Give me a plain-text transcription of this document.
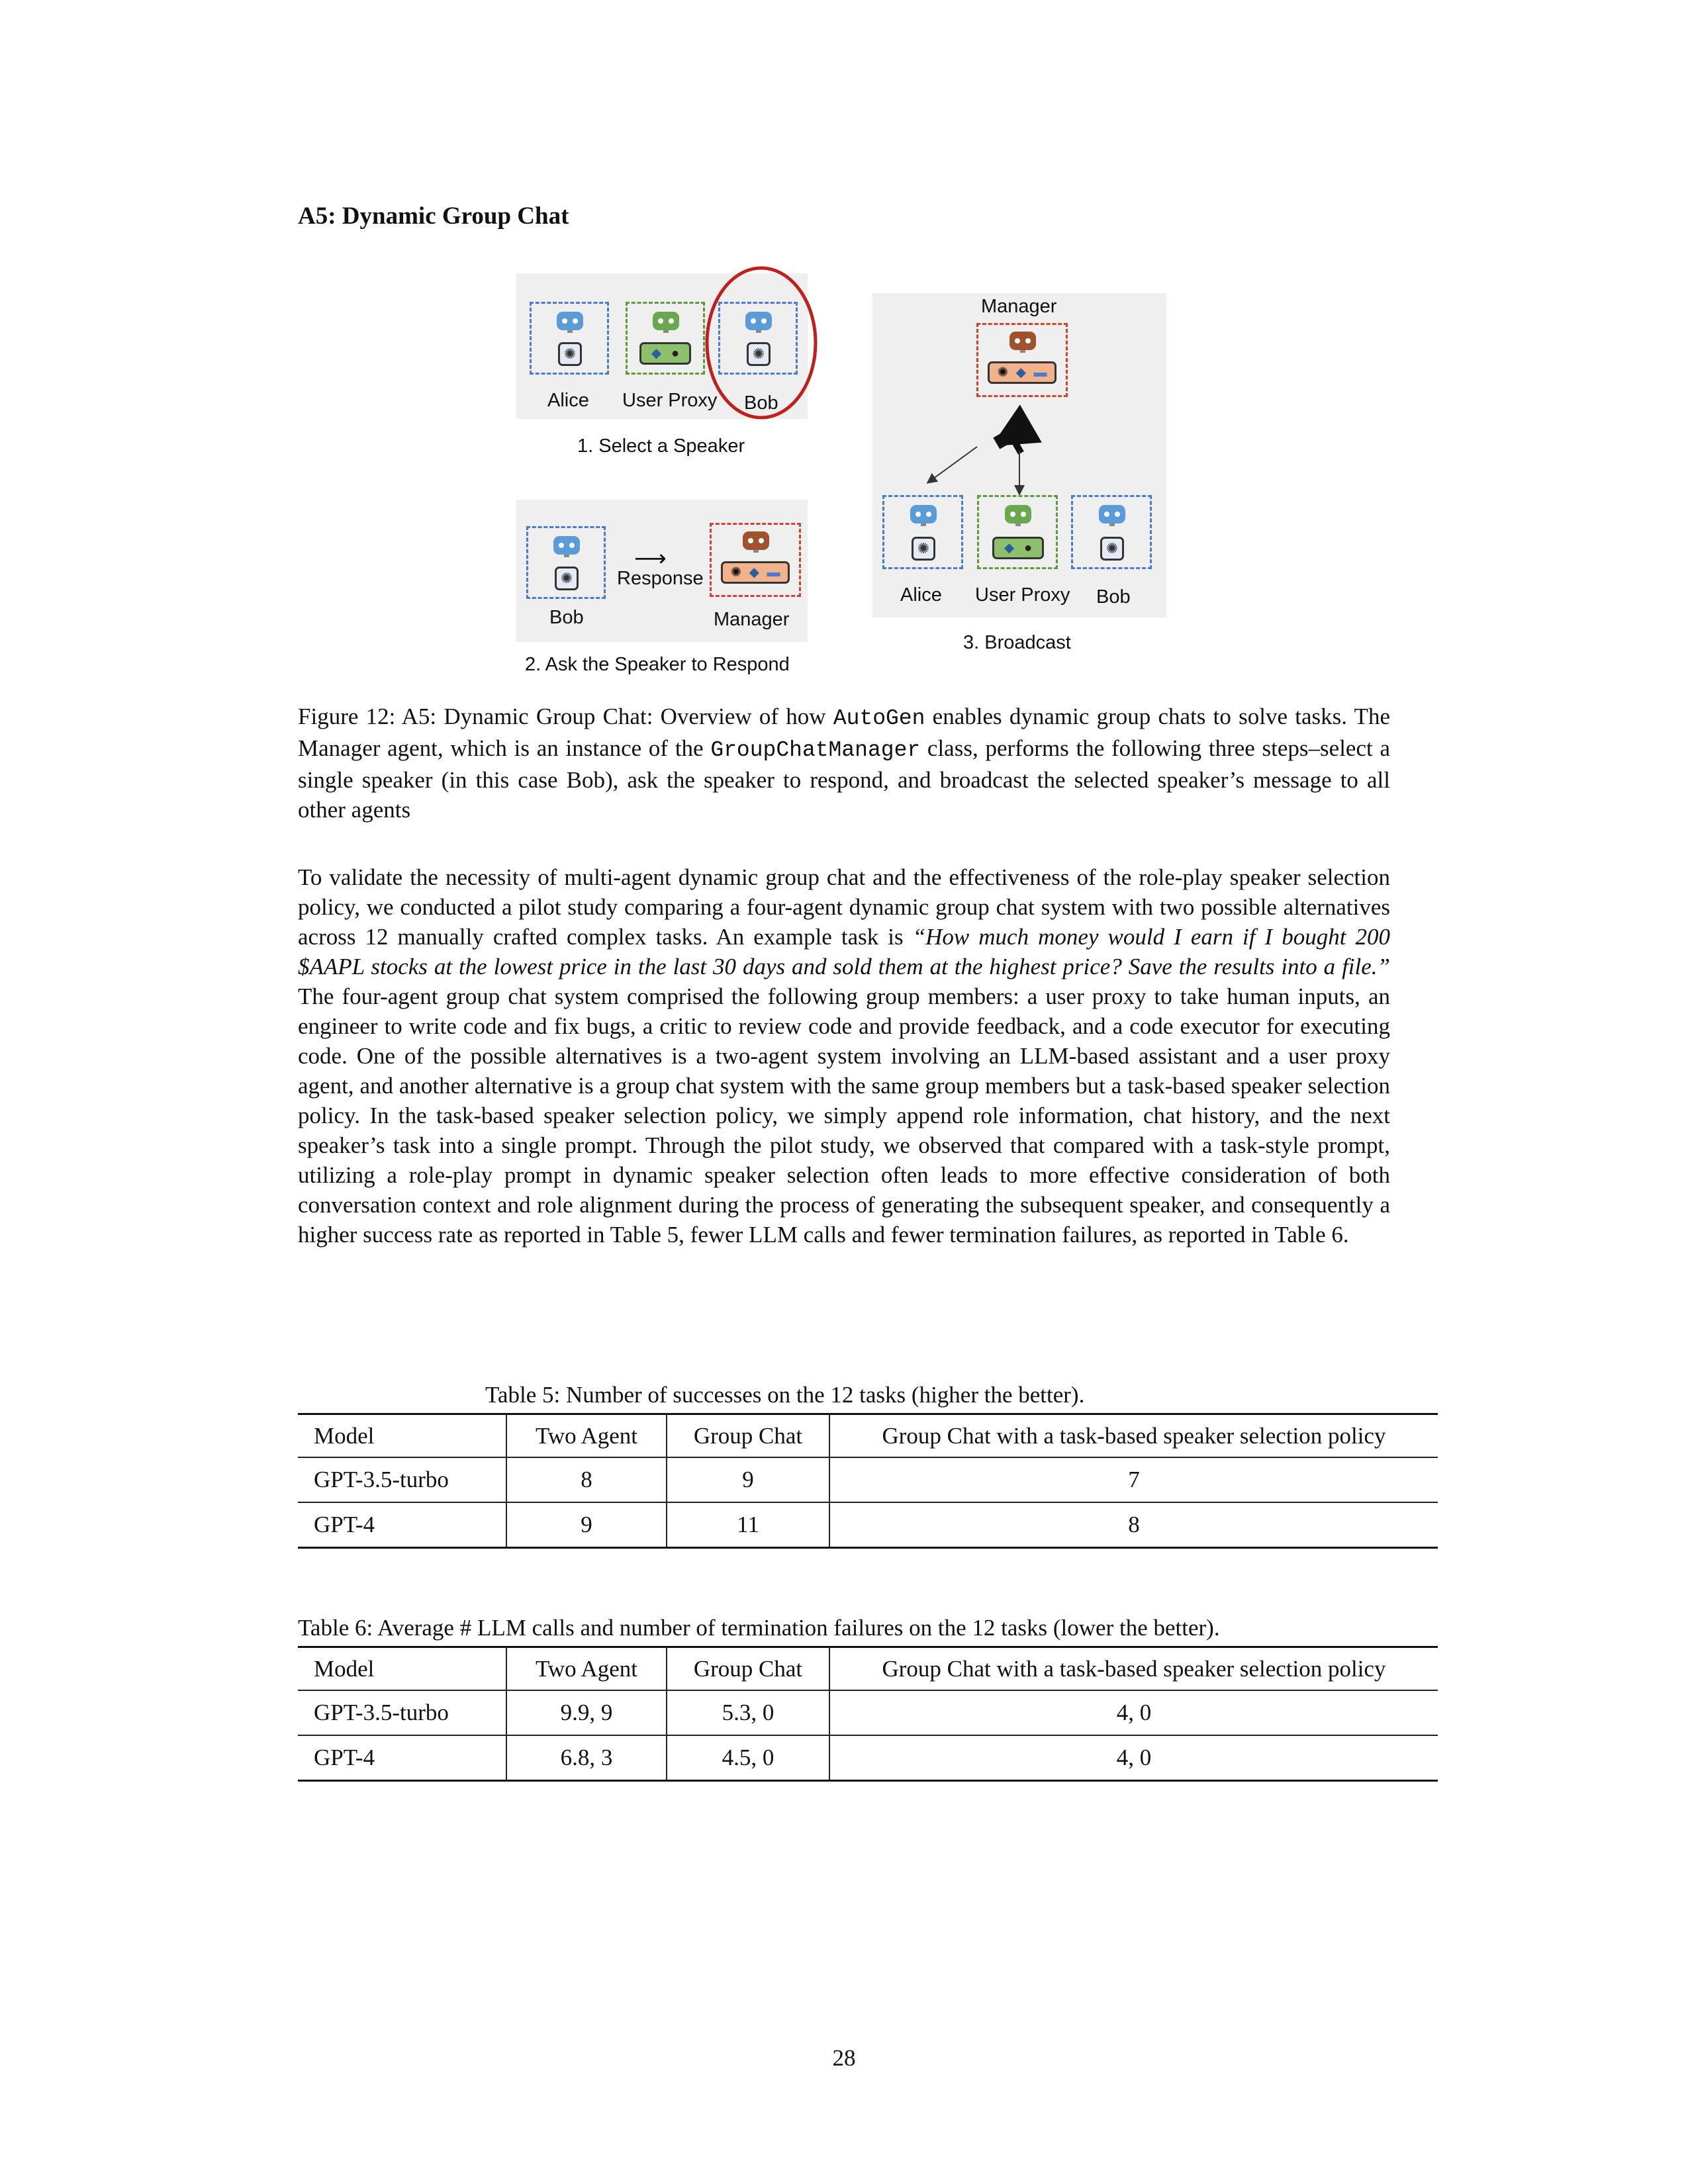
A5: Dynamic Group Chat
✺	◆ ●	✺
Alice User Proxy Bob
1. Select a Speaker
✺
⟶
Response ✺ ◆ ▬
Bob	Manager
2. Ask the Speaker to Respond
Manager
✺ ◆ ▬
✺	◆ ●	✺
Alice User Proxy Bob
3. Broadcast
Figure 12: A5: Dynamic Group Chat: Overview of how AutoGen enables dynamic group chats to solve tasks. The Manager agent, which is an instance of the GroupChatManager class, performs the following three steps–select a single speaker (in this case Bob), ask the speaker to respond, and broadcast the selected speaker’s message to all other agents
To validate the necessity of multi-agent dynamic group chat and the effectiveness of the role-play speaker selection policy, we conducted a pilot study comparing a four-agent dynamic group chat system with two possible alternatives across 12 manually crafted complex tasks. An example task is “How much money would I earn if I bought 200 $AAPL stocks at the lowest price in the last 30 days and sold them at the highest price? Save the results into a file.” The four-agent group chat system comprised the following group members: a user proxy to take human inputs, an engineer to write code and fix bugs, a critic to review code and provide feedback, and a code executor for executing code. One of the possible alternatives is a two-agent system involving an LLM-based assistant and a user proxy agent, and another alternative is a group chat system with the same group members but a task-based speaker selection policy. In the task-based speaker selection policy, we simply append role information, chat history, and the next speaker’s task into a single prompt. Through the pilot study, we observed that compared with a task-style prompt, utilizing a role-play prompt in dynamic speaker selection often leads to more effective consideration of both conversation context and role alignment during the process of generating the subsequent speaker, and consequently a higher success rate as reported in Table 5, fewer LLM calls and fewer termination failures, as reported in Table 6.
Table 5: Number of successes on the 12 tasks (higher the better).
Model	Two Agent	Group Chat	Group Chat with a task-based speaker selection policy
GPT-3.5-turbo	8	9	7
GPT-4	9	11	8
Table 6: Average # LLM calls and number of termination failures on the 12 tasks (lower the better).
Model	Two Agent	Group Chat	Group Chat with a task-based speaker selection policy
GPT-3.5-turbo	9.9, 9	5.3, 0	4, 0
GPT-4	6.8, 3	4.5, 0	4, 0
28
